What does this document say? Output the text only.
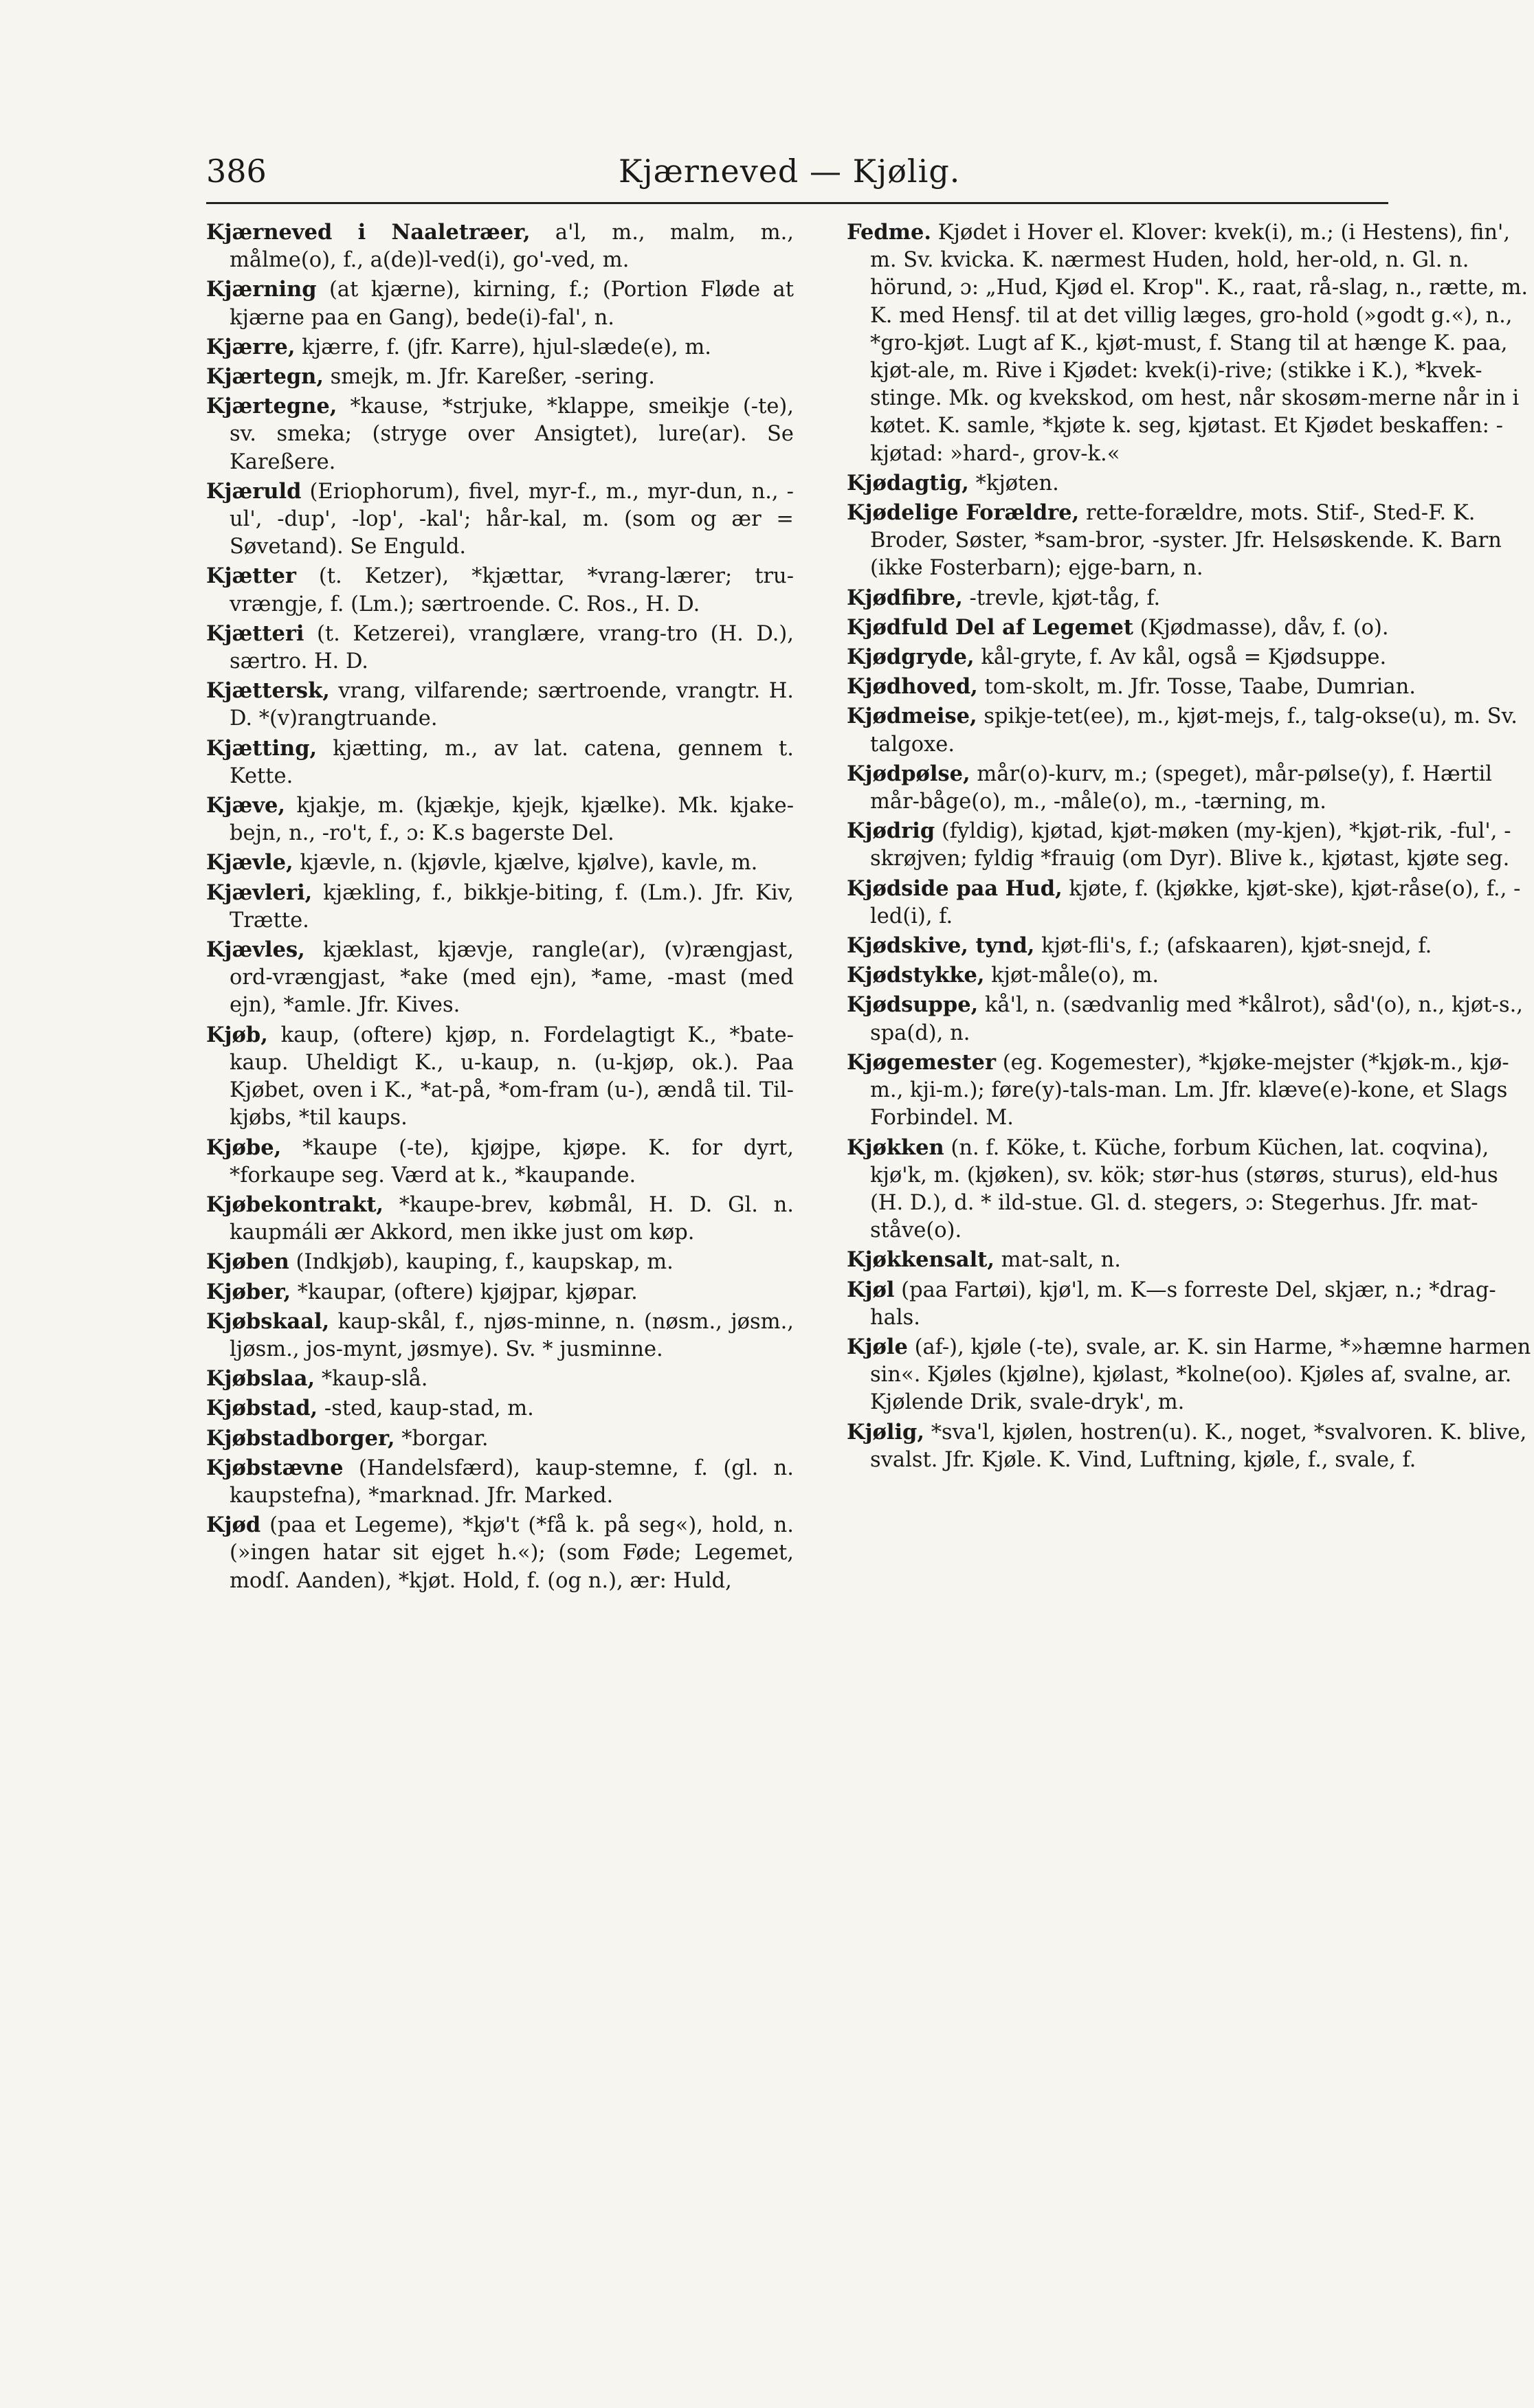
386	Kjærneved — Kjølig.
Kjærneved i Naaletræer, a'l, m., malm, m., målme(o), f., a(de)l-ved(i), go'-ved, m.
Kjærning (at kjærne), kirning, f.; (Portion Fløde at kjærne paa en Gang), bede(i)-fal', n.
Kjærre, kjærre, f. (jfr. Karre), hjul-slæde(e), m.
Kjærtegn, smejk, m. Jfr. Kareßer, -sering.
Kjærtegne, *kause, *strjuke, *klappe, smeikje (-te), sv. smeka; (stryge over Ansigtet), lure(ar). Se Kareßere.
Kjæruld (Eriophorum), fivel, myr-f., m., myr-dun, n., -ul', -dup', -lop', -kal'; hår-kal, m. (som og ær = Søvetand). Se Enguld.
Kjætter (t. Ketzer), *kjættar, *vrang-lærer; tru-vrængje, f. (Lm.); særtroende. C. Ros., H. D.
Kjætteri (t. Ketzerei), vranglære, vrang-tro (H. D.), særtro. H. D.
Kjættersk, vrang, vilfarende; særtroende, vrangtr. H. D. *(v)rangtruande.
Kjætting, kjætting, m., av lat. catena, gennem t. Kette.
Kjæve, kjakje, m. (kjækje, kjejk, kjælke). Mk. kjake-bejn, n., -ro't, f., ɔ: K.s bagerste Del.
Kjævle, kjævle, n. (kjøvle, kjælve, kjølve), kavle, m.
Kjævleri, kjækling, f., bikkje-biting, f. (Lm.). Jfr. Kiv, Trætte.
Kjævles, kjæklast, kjævje, rangle(ar), (v)rængjast, ord-vrængjast, *ake (med ejn), *ame, -mast (med ejn), *amle. Jfr. Kives.
Kjøb, kaup, (oftere) kjøp, n. Fordelagtigt K., *bate-kaup. Uheldigt K., u-kaup, n. (u-kjøp, ok.). Paa Kjøbet, oven i K., *at-på, *om-fram (u-), ændå til. Til-kjøbs, *til kaups.
Kjøbe, *kaupe (-te), kjøjpe, kjøpe. K. for dyrt, *forkaupe seg. Værd at k., *kaupande.
Kjøbekontrakt, *kaupe-brev, købmål, H. D. Gl. n. kaupmáli ær Akkord, men ikke just om køp.
Kjøben (Indkjøb), kauping, f., kaupskap, m.
Kjøber, *kaupar, (oftere) kjøjpar, kjøpar.
Kjøbskaal, kaup-skål, f., njøs-minne, n. (nøsm., jøsm., ljøsm., jos-mynt, jøsmye). Sv. * jusminne.
Kjøbslaa, *kaup-slå.
Kjøbstad, -sted, kaup-stad, m.
Kjøbstadborger, *borgar.
Kjøbstævne (Handelsfærd), kaup-stemne, f. (gl. n. kaupstefna), *marknad. Jfr. Marked.
Kjød (paa et Legeme), *kjø't (*få k. på seg«), hold, n. (»ingen hatar sit ejget h.«); (som Føde; Legemet, modſ. Aanden), *kjøt. Hold, f. (og n.), ær: Huld,
Fedme. Kjødet i Hover el. Klover: kvek(i), m.; (i Hestens), fin', m. Sv. kvicka. K. nærmest Huden, hold, her-old, n. Gl. n. hörund, ɔ: „Hud, Kjød el. Krop". K., raat, rå-slag, n., rætte, m. K. med Hensƒ. til at det villig læges, gro-hold (»godt g.«), n., *gro-kjøt. Lugt af K., kjøt-must, f. Stang til at hænge K. paa, kjøt-ale, m. Rive i Kjødet: kvek(i)-rive; (stikke i K.), *kvek-stinge. Mk. og kvekskod, om hest, når skosøm-merne når in i køtet. K. samle, *kjøte k. seg, kjøtast. Et Kjødet beskaffen: -kjøtad: »hard-, grov-k.«
Kjødagtig, *kjøten.
Kjødelige Forældre, rette-forældre, mots. Stif-, Sted-F. K. Broder, Søster, *sam-bror, -syster. Jfr. Helsøskende. K. Barn (ikke Fosterbarn); ejge-barn, n.
Kjødfibre, -trevle, kjøt-tåg, f.
Kjødfuld Del af Legemet (Kjødmasse), dåv, f. (o).
Kjødgryde, kål-gryte, f. Av kål, også = Kjødsuppe.
Kjødhoved, tom-skolt, m. Jfr. Tosse, Taabe, Dumrian.
Kjødmeise, spikje-tet(ee), m., kjøt-mejs, f., talg-okse(u), m. Sv. talgoxe.
Kjødpølse, mår(o)-kurv, m.; (speget), mår-pølse(y), f. Hærtil mår-båge(o), m., -måle(o), m., -tærning, m.
Kjødrig (fyldig), kjøtad, kjøt-møken (my-kjen), *kjøt-rik, -ful', -skrøjven; fyldig *frauig (om Dyr). Blive k., kjøtast, kjøte seg.
Kjødside paa Hud, kjøte, f. (kjøkke, kjøt-ske), kjøt-råse(o), f., -led(i), f.
Kjødskive, tynd, kjøt-fli's, f.; (afskaaren), kjøt-snejd, f.
Kjødstykke, kjøt-måle(o), m.
Kjødsuppe, kå'l, n. (sædvanlig med *kålrot), såd'(o), n., kjøt-s., spa(d), n.
Kjøgemester (eg. Kogemester), *kjøke-mejster (*kjøk-m., kjø-m., kji-m.); føre(y)-tals-man. Lm. Jfr. klæve(e)-kone, et Slags Forbindel. M.
Kjøkken (n. f. Köke, t. Küche, forbum Küchen, lat. coqvina), kjø'k, m. (kjøken), sv. kök; stør-hus (størøs, sturus), eld-hus (H. D.), d. * ild-stue. Gl. d. stegers, ɔ: Stegerhus. Jfr. mat-ståve(o).
Kjøkkensalt, mat-salt, n.
Kjøl (paa Fartøi), kjø'l, m. K—s forreste Del, skjær, n.; *drag-hals.
Kjøle (af-), kjøle (-te), svale, ar. K. sin Harme, *»hæmne harmen sin«. Kjøles (kjølne), kjølast, *kolne(oo). Kjøles af, svalne, ar. Kjølende Drik, svale-dryk', m.
Kjølig, *sva'l, kjølen, hostren(u). K., noget, *svalvoren. K. blive, svalst. Jfr. Kjøle. K. Vind, Luftning, kjøle, f., svale, f.
